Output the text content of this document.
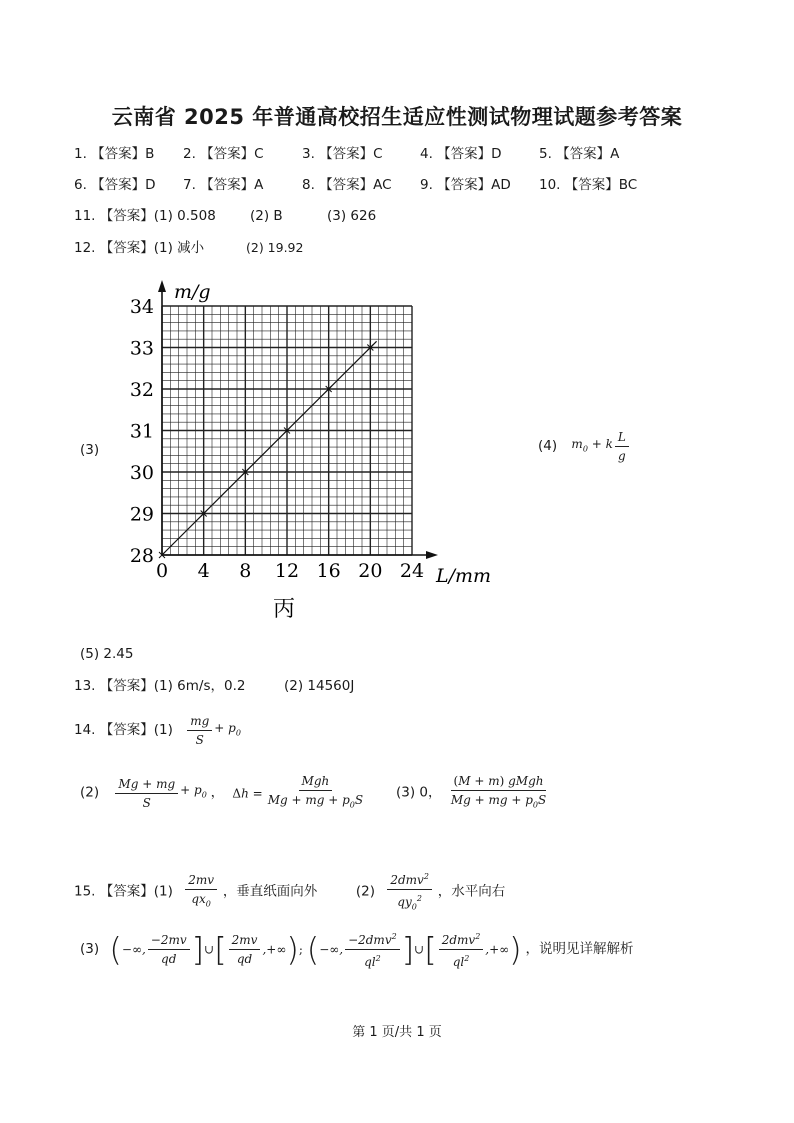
云南省 2025 年普通高校招生适应性测试物理试题参考答案
1. 【答案】B 2. 【答案】C	3. 【答案】C	4. 【答案】D	5. 【答案】A
6. 【答案】D 7. 【答案】A	8. 【答案】AC 9. 【答案】AD 10. 【答案】BC
11. 【答案】(1) 0.508	(2) B	(3) 626
12. 【答案】(1) 减小	(2) 19.92
(3)
0 4 8 12 16 20 24
28
29
30
31
32
33
34
m/g
L/mm
丙
(4) $m_0 + k \frac{L}{g}$
(5) 2.45
13. 【答案】(1) 6m/s，0.2	(2) 14560J
14. 【答案】$(1) \frac{mg}{S} + p_0$
$(2) \frac{Mg + mg}{S} + p_0$ ， $\Delta h = \frac{\text{Mgh}}{Mg + mg + p_0S} (3)$ 0， $\frac{\text{(M + m) gMgh}}{Mg + mg + p_0S}$
15. 【答案】$(1) \frac{2mv}{qx_0}$ ，垂直纸面向外	$(2) \frac{2dmv^2}{qy_0^2}$ ，水平向右
(3) (−∞, $\frac{-2mv}{qd}$ ]∪[ $\frac{2mv}{qd}$ ,+∞); (−∞, $\frac{-2dmv^2}{ql^2}$ ]∪[ $\frac{2dmv^2}{ql^2}$ ,+∞) ，说明见详解解析
第 1 页/共 1 页
